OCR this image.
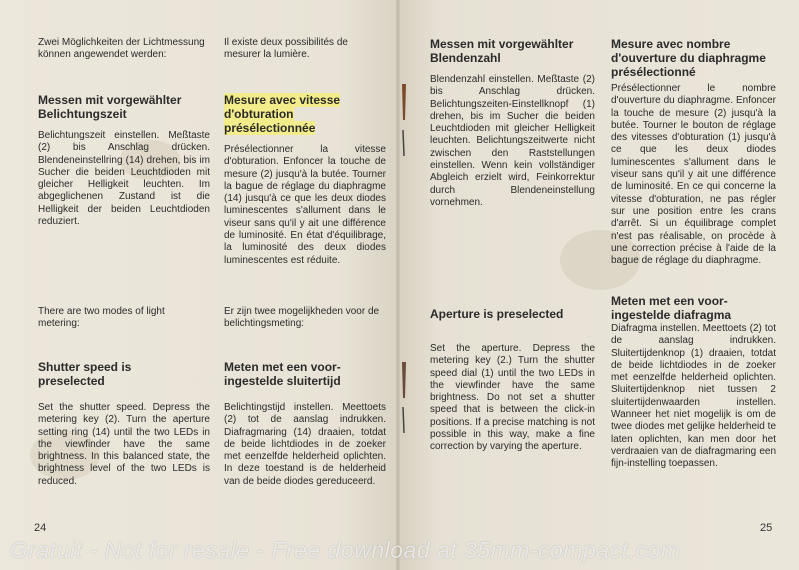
Zwei Möglichkeiten der Lichtmessung können angewendet werden:

Il existe deux possibilités de mesurer la lumière.

Messen mit vorgewählter Belichtungszeit

Belichtungszeit einstellen. Meßtaste (2) bis Anschlag drücken. Blendeneinstellring (14) drehen, bis im Sucher die beiden Leuchtdioden mit gleicher Helligkeit leuchten. Im abgeglichenen Zustand ist die Helligkeit der beiden Leuchtdioden reduziert.

Mesure avec vitesse d'obturation présélectionnée

Présélectionner la vitesse d'obturation. Enfoncer la touche de mesure (2) jusqu'à la butée. Tourner la bague de réglage du diaphragme (14) jusqu'à ce que les deux diodes luminescentes s'allument dans le viseur sans qu'il y ait une différence de luminosité. En état d'équilibrage, la luminosité des deux diodes luminescentes est réduite.

There are two modes of light metering:

Er zijn twee mogelijkheden voor de belichtingsmeting:

Shutter speed is preselected

Set the shutter speed. Depress the metering key (2). Turn the aperture setting ring (14) until the two LEDs in the viewfinder have the same brightness. In this balanced state, the brightness level of the two LEDs is reduced.

Meten met een voor-ingestelde sluitertijd

Belichtingstijd instellen. Meettoets (2) tot de aanslag indrukken. Diafragmaring (14) draaien, totdat de beide lichtdiodes in de zoeker met eenzelfde helderheid oplichten. In deze toestand is de helderheid van de beide diodes gereduceerd.

24

Messen mit vorgewählter Blendenzahl

Blendenzahl einstellen. Meßtaste (2) bis Anschlag drücken. Belichtungszeiten-Einstellknopf (1) drehen, bis im Sucher die beiden Leuchtdioden mit gleicher Helligkeit leuchten. Belichtungszeitwerte nicht zwischen den Raststellungen einstellen. Wenn kein vollständiger Abgleich erzielt wird, Feinkorrektur durch Blendeneinstellung vornehmen.

Mesure avec nombre d'ouverture du diaphragme présélectionné

Présélectionner le nombre d'ouverture du diaphragme. Enfoncer la touche de mesure (2) jusqu'à la butée. Tourner le bouton de réglage des vitesses d'obturation (1) jusqu'à ce que les deux diodes luminescentes s'allument dans le viseur sans qu'il y ait une différence de luminosité. En ce qui concerne la vitesse d'obturation, ne pas régler sur une position entre les crans d'arrêt. Si un équilibrage complet n'est pas réalisable, on procède à une correction précise à l'aide de la bague de réglage du diaphragme.

Meten met een voor-ingestelde diafragma

Diafragma instellen. Meettoets (2) tot de aanslag indrukken. Sluitertijdenknop (1) draaien, totdat de beide lichtdiodes in de zoeker met eenzelfde helderheid oplichten. Sluitertijdenknop niet tussen 2 sluitertijdenwaarden instellen. Wanneer het niet mogelijk is om de twee diodes met gelijke helderheid te laten oplichten, kan men door het verdraaien van de diafragmaring een fijn-instelling toepassen.

Aperture is preselected

Set the aperture. Depress the metering key (2.) Turn the shutter speed dial (1) until the two LEDs in the viewfinder have the same brightness. Do not set a shutter speed that is between the click-in positions. If a precise matching is not possible in this way, make a fine correction by varying the aperture.

25
Gratuit - Not for resale - Free download at 35mm-compact.com
